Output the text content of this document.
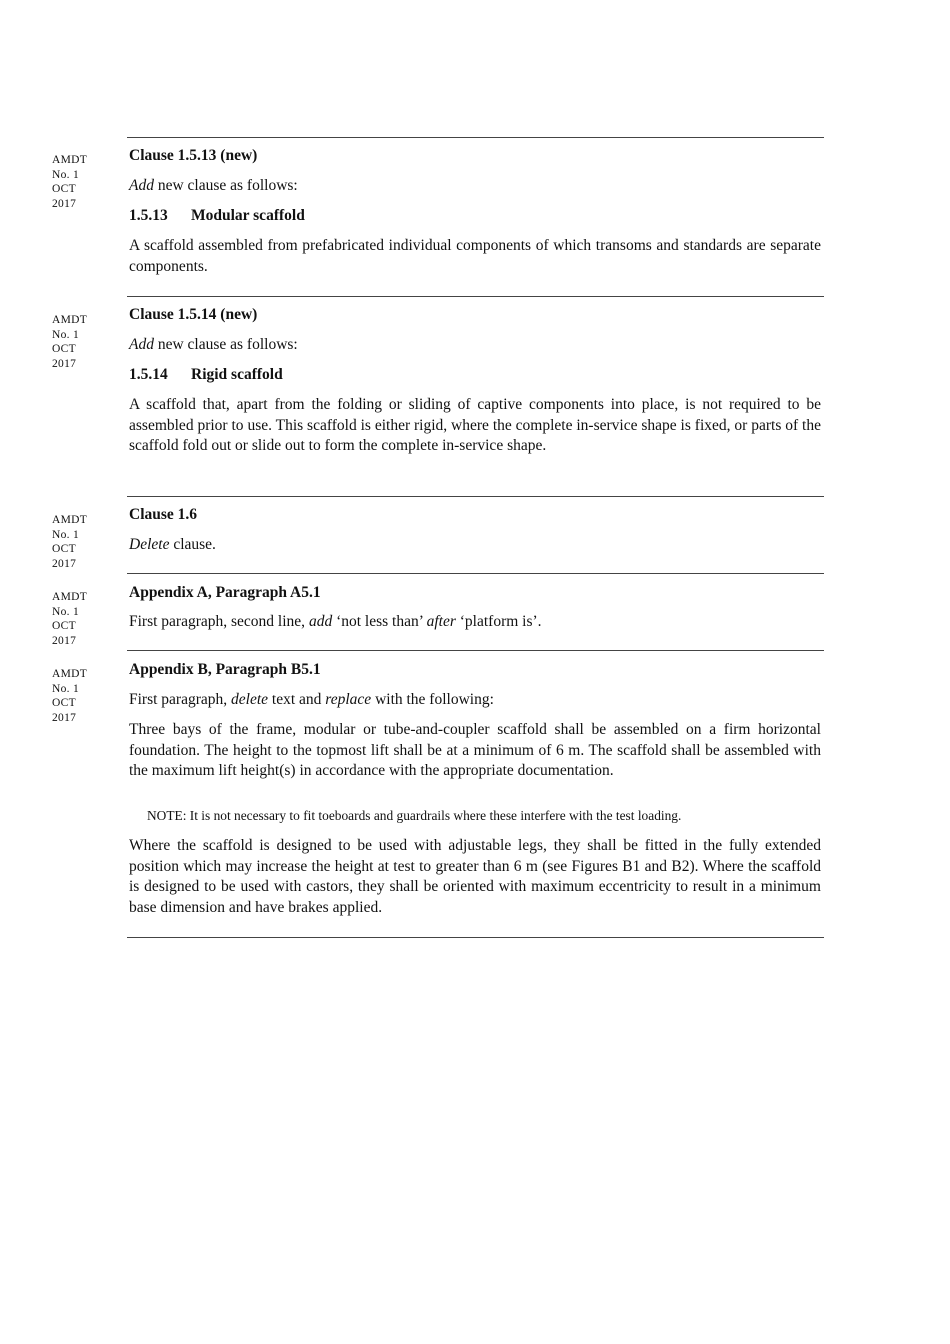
AMDT
No. 1
OCT
2017
Clause 1.5.13 (new)
Add new clause as follows:
1.5.13 Modular scaffold
A scaffold assembled from prefabricated individual components of which transoms and standards are separate components.
AMDT
No. 1
OCT
2017
Clause 1.5.14 (new)
Add new clause as follows:
1.5.14 Rigid scaffold
A scaffold that, apart from the folding or sliding of captive components into place, is not required to be assembled prior to use. This scaffold is either rigid, where the complete in-service shape is fixed, or parts of the scaffold fold out or slide out to form the complete in-service shape.
AMDT
No. 1
OCT
2017
Clause 1.6
Delete clause.
AMDT
No. 1
OCT
2017
Appendix A, Paragraph A5.1
First paragraph, second line, add ‘not less than’ after ‘platform is’.
AMDT
No. 1
OCT
2017
Appendix B, Paragraph B5.1
First paragraph, delete text and replace with the following:
Three bays of the frame, modular or tube-and-coupler scaffold shall be assembled on a firm horizontal foundation. The height to the topmost lift shall be at a minimum of 6 m. The scaffold shall be assembled with the maximum lift height(s) in accordance with the appropriate documentation.
NOTE: It is not necessary to fit toeboards and guardrails where these interfere with the test loading.
Where the scaffold is designed to be used with adjustable legs, they shall be fitted in the fully extended position which may increase the height at test to greater than 6 m (see Figures B1 and B2). Where the scaffold is designed to be used with castors, they shall be oriented with maximum eccentricity to result in a minimum base dimension and have brakes applied.
